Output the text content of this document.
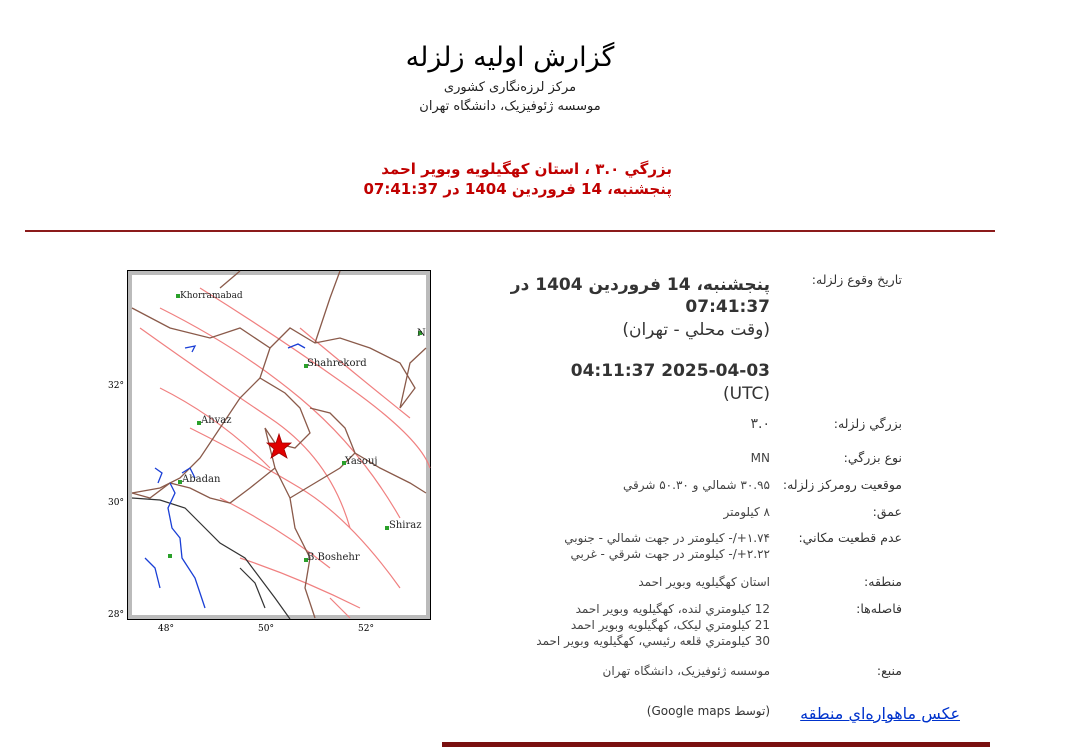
گزارش اولیه زلزله
مرکز لرزه‌نگاری کشوری
موسسه ژئوفیزیک، دانشگاه تهران
بزرگي ۳.۰ ، استان کهگيلويه وبوير احمد
پنجشنبه، 14 فروردين 1404 در 07:41:37
Khorramabad
Shahrekord
Ahvaz
Abadan
Yasouj
Shiraz
B.Boshehr
N
32°
30°
28°
48°	50°	52°
تاريخ وقوع زلزله:
پنجشنبه، 14 فروردين 1404 در
07:41:37
(وقت محلي - تهران)
2025-04-03 04:11:37
(UTC)
بزرگي زلزله:
۳.۰
نوع بزرگي:
MN
موقعيت رومرکز زلزله:
۳۰.۹۵ شمالي و ۵۰.۳۰ شرقي
عمق:
۸ کيلومتر
عدم قطعيت مکاني:
۱.۷۴+/- کيلومتر در جهت شمالي - جنوبي
۲.۲۲+/- کيلومتر در جهت شرقي - غربي
منطقه:
استان کهگيلويه وبوير احمد
فاصله‌ها:
12 کيلومتري لنده، کهگيلويه وبوير احمد
21 کيلومتري ليکک، کهگيلويه وبوير احمد
30 کيلومتري قلعه رئيسي، کهگيلويه وبوير احمد
منبع:
موسسه ژئوفيزيک، دانشگاه تهران
عکس ماهواره‌اي منطقه
(توسط Google maps)
